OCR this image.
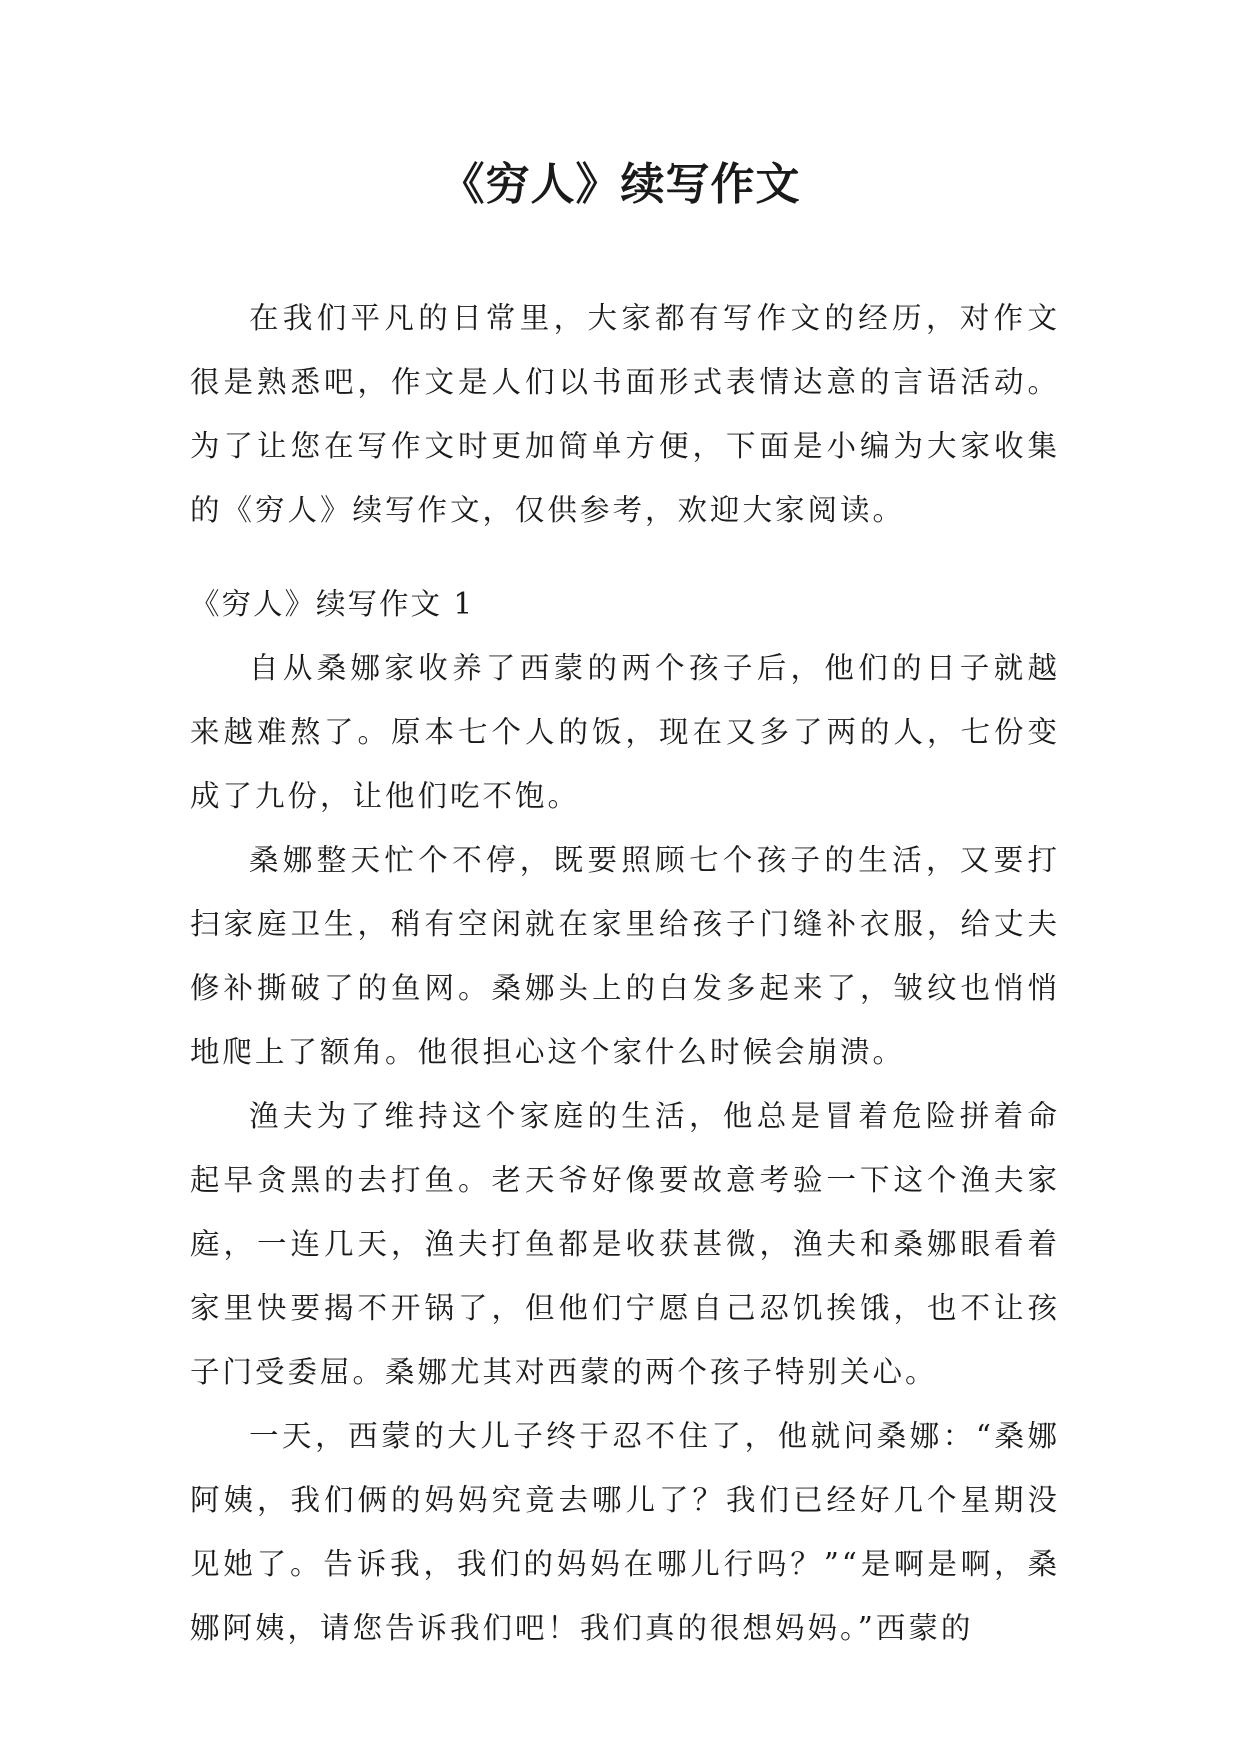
《穷人》续写作文

在我们平凡的日常里，大家都有写作文的经历，对作文很是熟悉吧，作文是人们以书面形式表情达意的言语活动。为了让您在写作文时更加简单方便，下面是小编为大家收集的《穷人》续写作文，仅供参考，欢迎大家阅读。

《穷人》续写作文 1

自从桑娜家收养了西蒙的两个孩子后，他们的日子就越来越难熬了。原本七个人的饭，现在又多了两的人，七份变成了九份，让他们吃不饱。

桑娜整天忙个不停，既要照顾七个孩子的生活，又要打扫家庭卫生，稍有空闲就在家里给孩子门缝补衣服，给丈夫修补撕破了的鱼网。桑娜头上的白发多起来了，皱纹也悄悄地爬上了额角。他很担心这个家什么时候会崩溃。

渔夫为了维持这个家庭的生活，他总是冒着危险拼着命起早贪黑的去打鱼。老天爷好像要故意考验一下这个渔夫家庭，一连几天，渔夫打鱼都是收获甚微，渔夫和桑娜眼看着家里快要揭不开锅了，但他们宁愿自己忍饥挨饿，也不让孩子门受委屈。桑娜尤其对西蒙的两个孩子特别关心。

一天，西蒙的大儿子终于忍不住了，他就问桑娜：“桑娜阿姨，我们俩的妈妈究竟去哪儿了？我们已经好几个星期没见她了。告诉我，我们的妈妈在哪儿行吗？”“是啊是啊，桑娜阿姨，请您告诉我们吧！我们真的很想妈妈。”西蒙的
